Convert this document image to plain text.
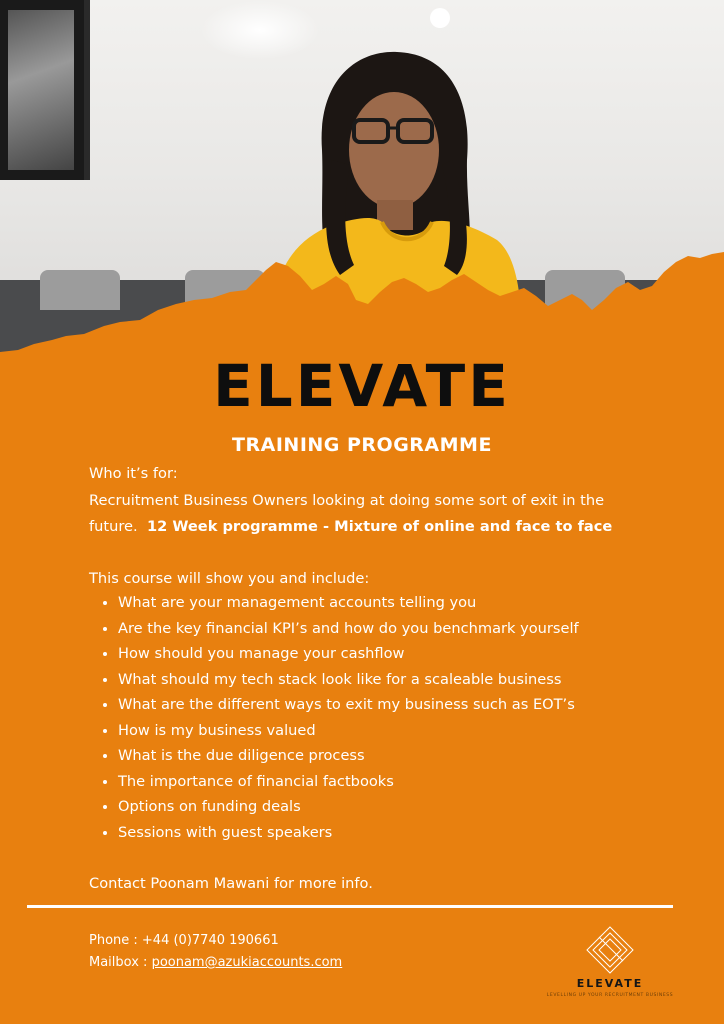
ELEVATE
TRAINING PROGRAMME
Who it’s for:
Recruitment Business Owners looking at doing some sort of exit in the future. 12 Week programme - Mixture of online and face to face
This course will show you and include:
• What are your management accounts telling you
• Are the key financial KPI’s and how do you benchmark yourself
• How should you manage your cashflow
• What should my tech stack look like for a scaleable business
• What are the different ways to exit my business such as EOT’s
• How is my business valued
• What is the due diligence process
• The importance of financial factbooks
• Options on funding deals
• Sessions with guest speakers
Contact Poonam Mawani for more info.
Phone : +44 (0)7740 190661
Mailbox : poonam@azukiaccounts.com
ELEVATE
LEVELLING UP YOUR RECRUITMENT BUSINESS
